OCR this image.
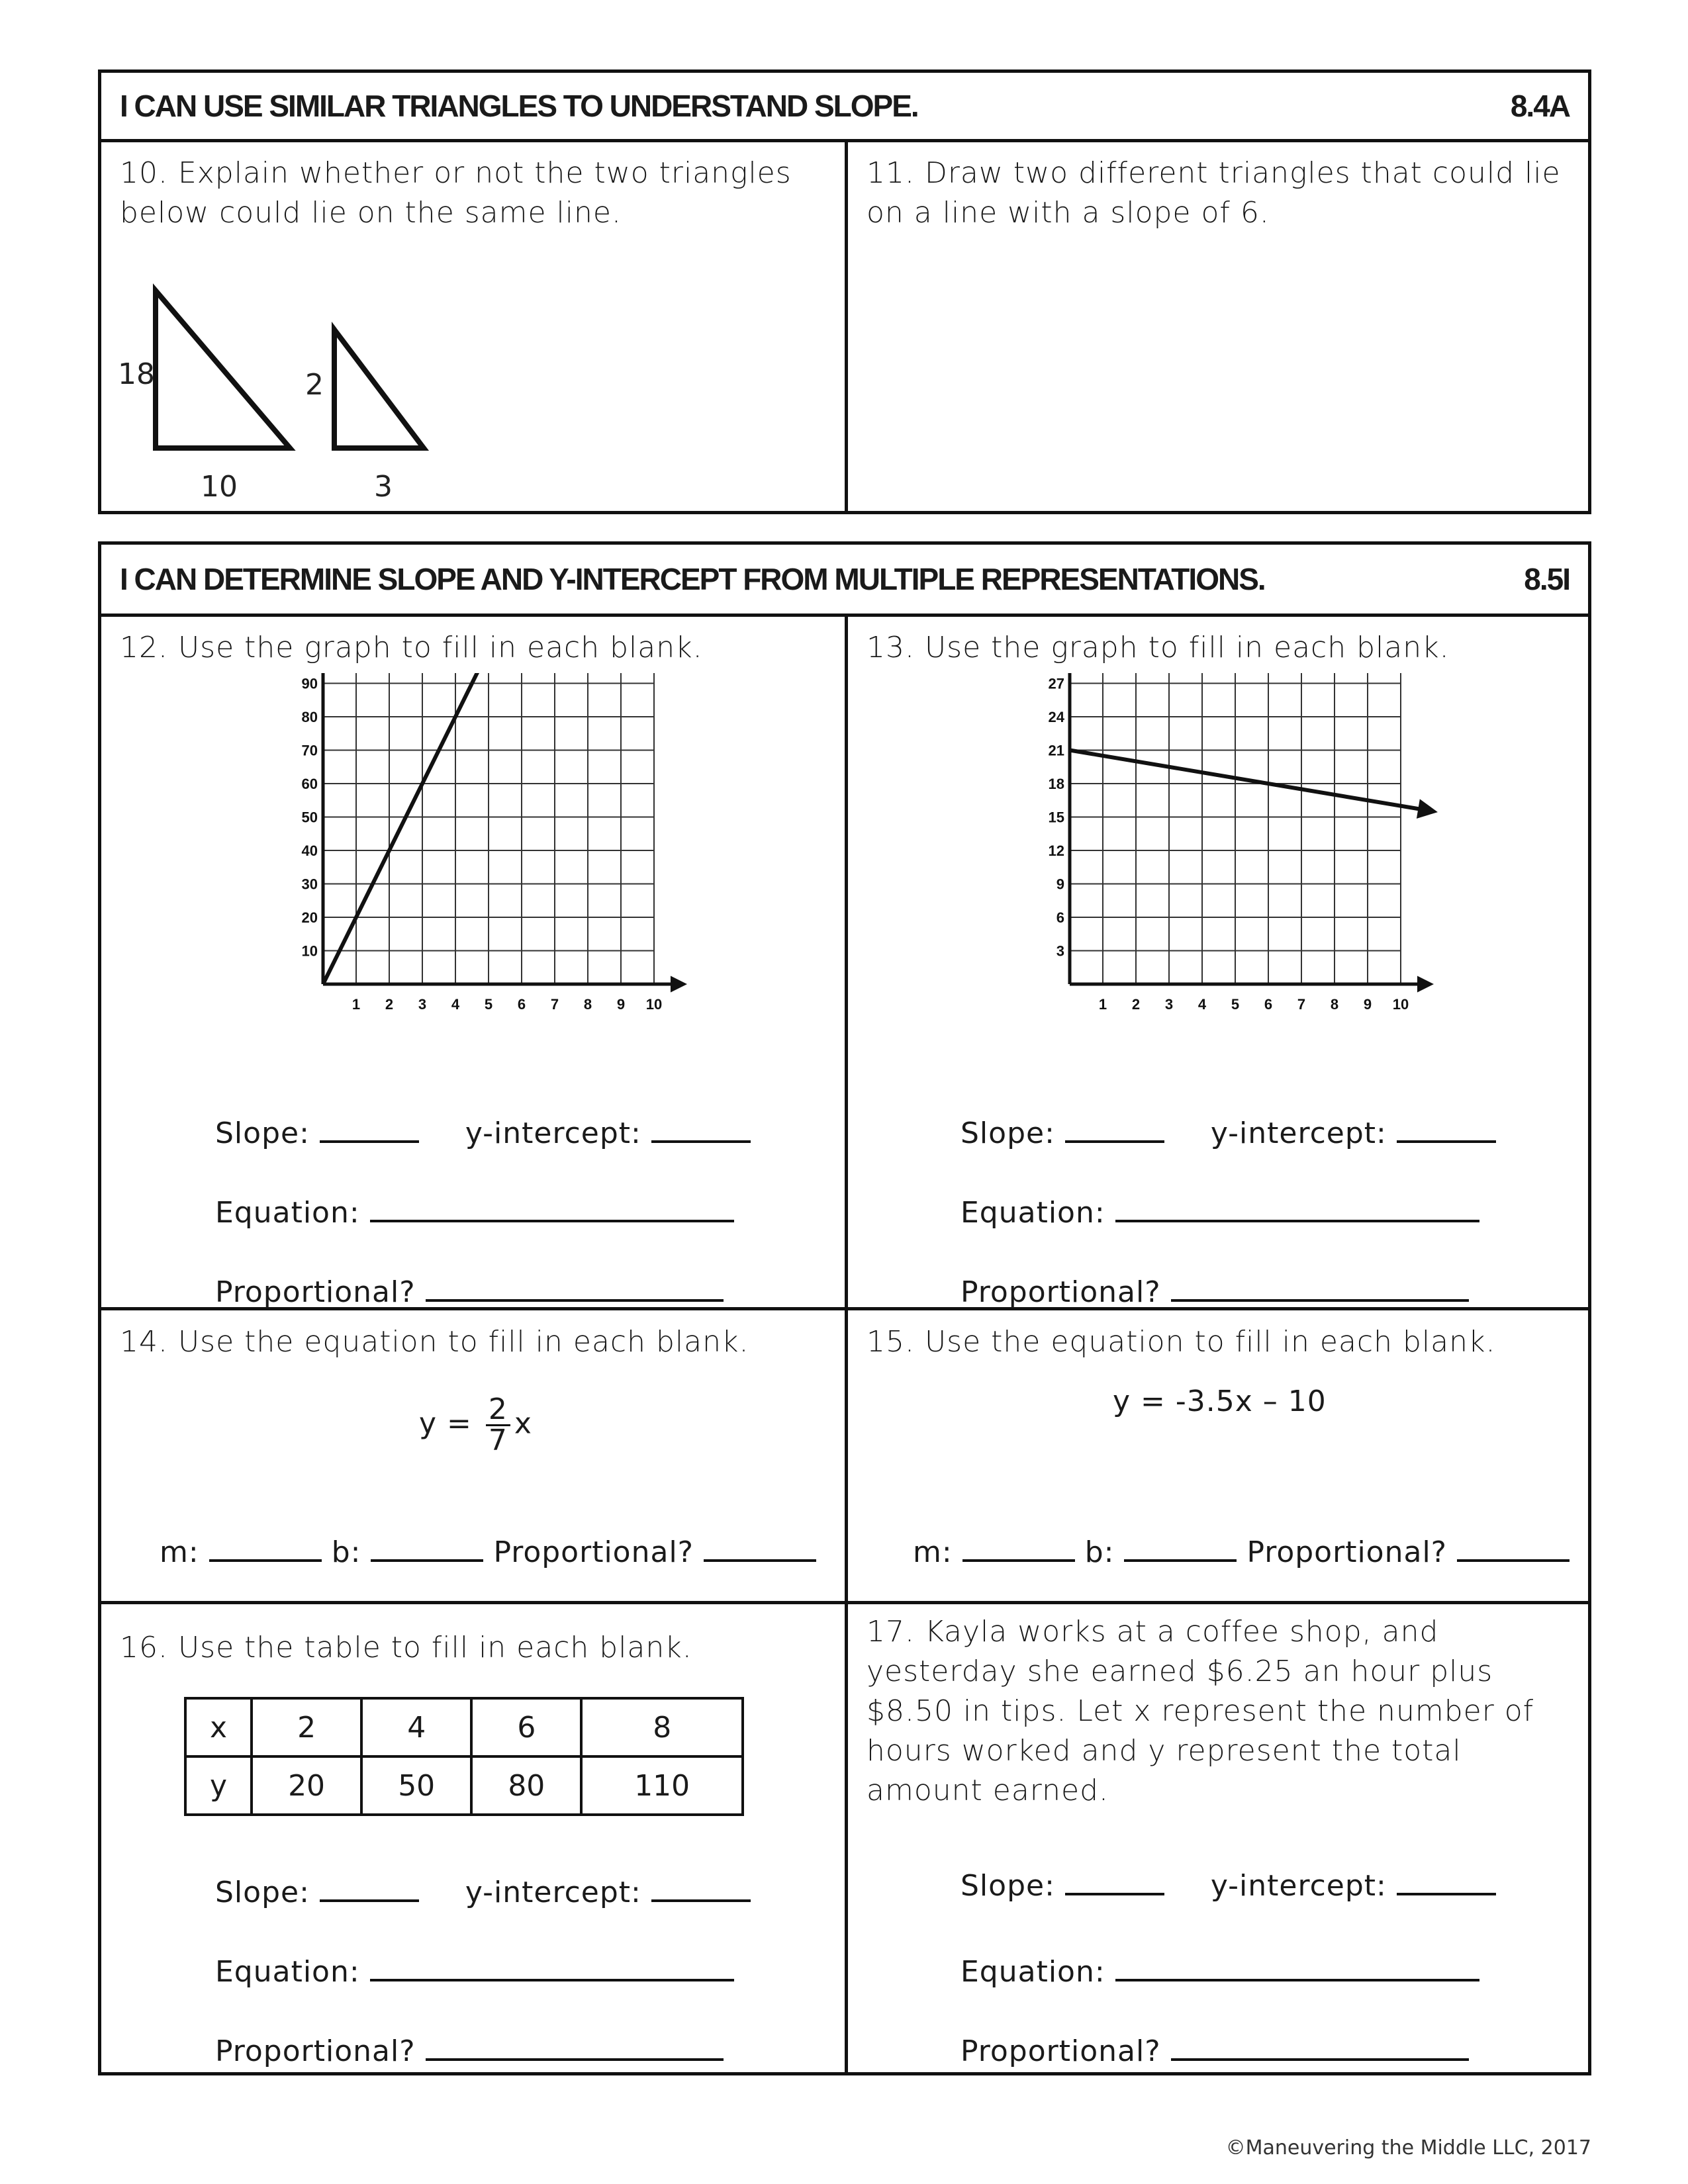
I CAN USE SIMILAR TRIANGLES TO UNDERSTAND SLOPE.	8.4A
10. Explain whether or not the two triangles below could lie on the same line.
18
10
2
3
11. Draw two different triangles that could lie on a line with a slope of 6.
I CAN DETERMINE SLOPE AND Y-INTERCEPT FROM MULTIPLE REPRESENTATIONS.	8.5I
12. Use the graph to fill in each blank.
1 2 3 4 5 6 7 8 9 10
10
20
30
40
50
60
70
80
90
Slope:	y-intercept:
Equation:
Proportional?
13. Use the graph to fill in each blank.
1 2 3 4 5 6 7 8 9 10
3
6
9
12
15
18
21
24
27
Slope:	y-intercept:
Equation:
Proportional?
14. Use the equation to fill in each blank.
$y = \frac{2}{7}$ x
m:	b:	Proportional?
15. Use the equation to fill in each blank.
y = -3.5x – 10
m:	b:	Proportional?
16. Use the table to fill in each blank.
x	2	4	6	8
y	20	50	80	110
Slope:	y-intercept:
Equation:
Proportional?
17. Kayla works at a coffee shop, and yesterday she earned $6.25 an hour plus $8.50 in tips. Let x represent the number of hours worked and y represent the total amount earned.
Slope:	y-intercept:
Equation:
Proportional?
©Maneuvering the Middle LLC, 2017
